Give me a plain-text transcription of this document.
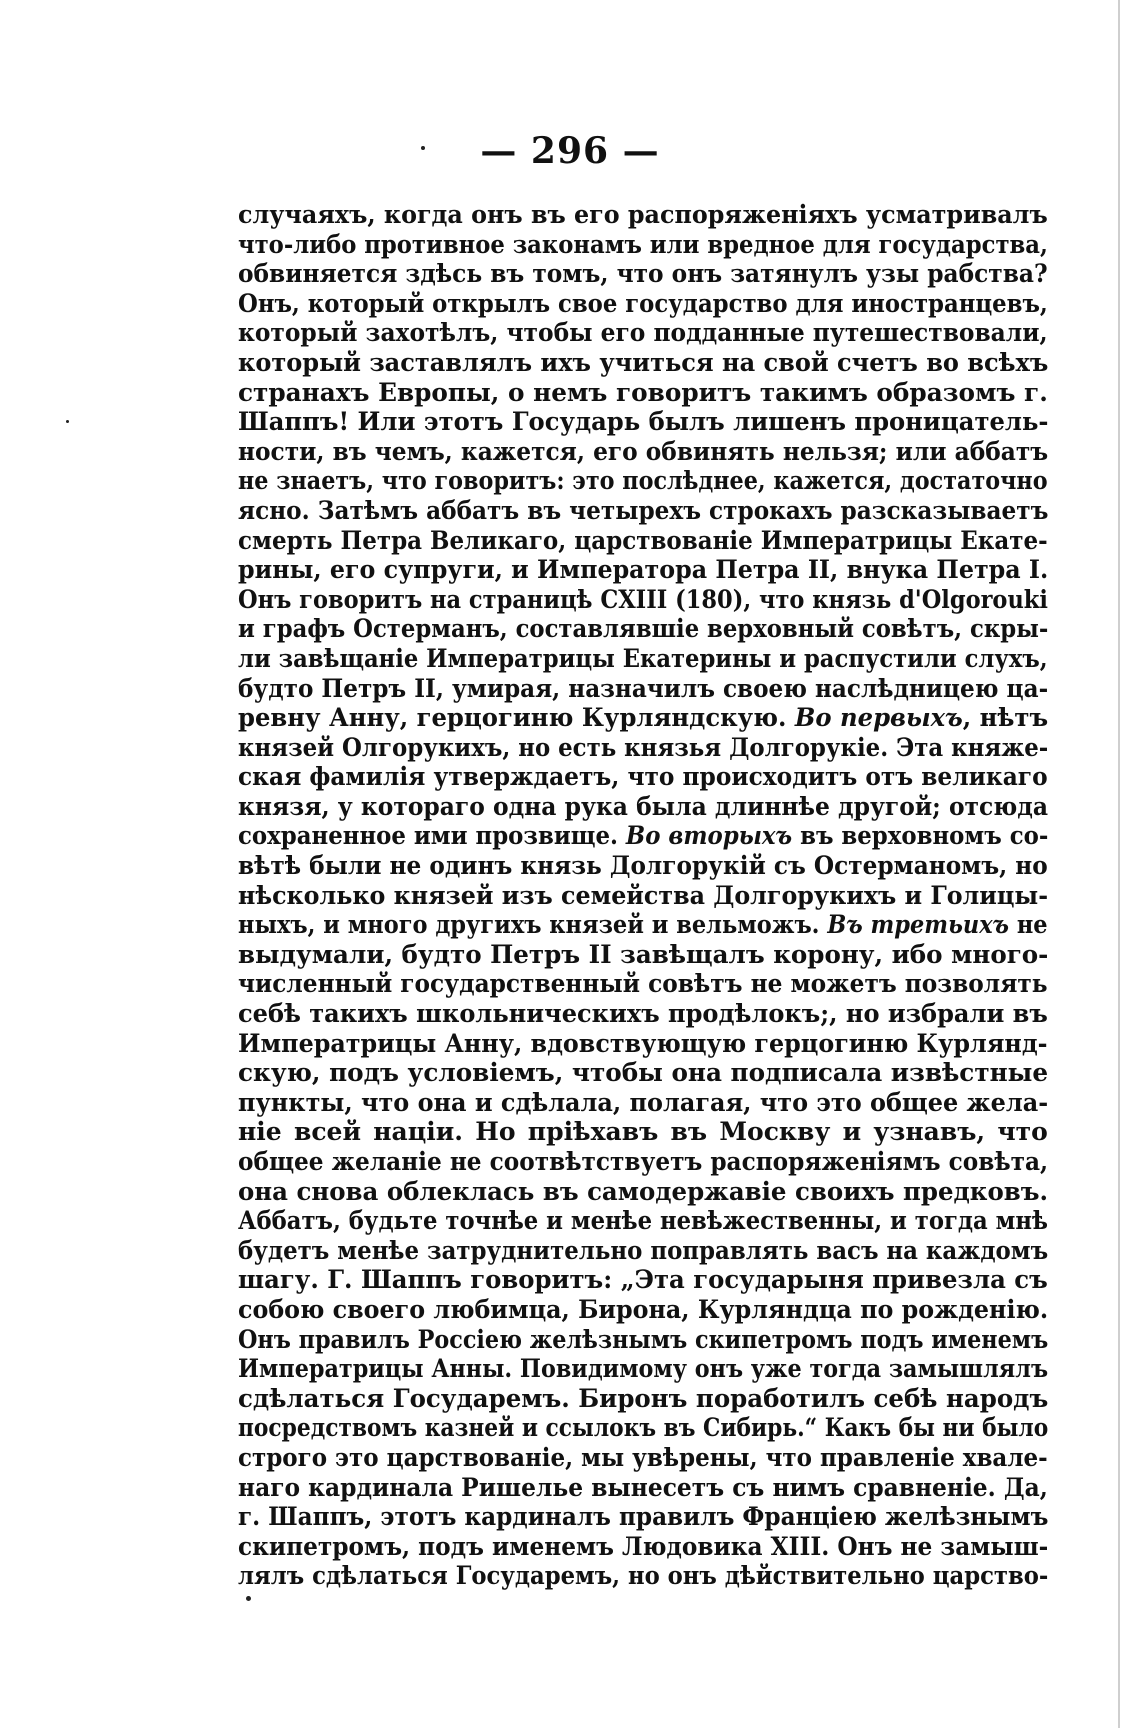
— 296 —
случаяхъ, когда онъ въ его распоряженіяхъ усматривалъ
что-либо противное законамъ или вредное для государства,
обвиняется здѣсь въ томъ, что онъ затянулъ узы рабства?
Онъ, который открылъ свое государство для иностранцевъ,
который захотѣлъ, чтобы его подданные путешествовали,
который заставлялъ ихъ учиться на свой счетъ во всѣхъ
странахъ Европы, о немъ говоритъ такимъ образомъ г.
Шаппъ! Или этотъ Государь былъ лишенъ проницатель-
ности, въ чемъ, кажется, его обвинять нельзя; или аббатъ
не знаетъ, что говоритъ: это послѣднее, кажется, достаточно
ясно. Затѣмъ аббатъ въ четырехъ строкахъ разсказываетъ
смерть Петра Великаго, царствованіе Императрицы Екате-
рины, его супруги, и Императора Петра II, внука Петра I.
Онъ говоритъ на страницѣ CXIII (180), что князь d'Olgorouki
и графъ Остерманъ, составлявшіе верховный совѣтъ, скры-
ли завѣщаніе Императрицы Екатерины и распустили слухъ,
будто Петръ II, умирая, назначилъ своею наслѣдницею ца-
ревну Анну, герцогиню Курляндскую. Во первыхъ, нѣтъ
князей Олгорукихъ, но есть князья Долгорукіе. Эта княже-
ская фамилія утверждаетъ, что происходитъ отъ великаго
князя, у котораго одна рука была длиннѣе другой; отсюда
сохраненное ими прозвище. Во вторыхъ въ верховномъ со-
вѣтѣ были не одинъ князь Долгорукій съ Остерманомъ, но
нѣсколько князей изъ семейства Долгорукихъ и Голицы-
ныхъ, и много другихъ князей и вельможъ. Въ третьихъ не
выдумали, будто Петръ II завѣщалъ корону, ибо много-
численный государственный совѣтъ не можетъ позволять
себѣ такихъ школьническихъ продѣлокъ;, но избрали въ
Императрицы Анну, вдовствующую герцогиню Курлянд-
скую, подъ условіемъ, чтобы она подписала извѣстные
пункты, что она и сдѣлала, полагая, что это общее жела-
ніе всей націи. Но пріѣхавъ въ Москву и узнавъ, что
общее желаніе не соотвѣтствуетъ распоряженіямъ совѣта,
она снова облеклась въ самодержавіе своихъ предковъ.
Аббатъ, будьте точнѣе и менѣе невѣжественны, и тогда мнѣ
будетъ менѣе затруднительно поправлять васъ на каждомъ
шагу. Г. Шаппъ говоритъ: „Эта государыня привезла съ
собою своего любимца, Бирона, Курляндца по рожденію.
Онъ правилъ Россіею желѣзнымъ скипетромъ подъ именемъ
Императрицы Анны. Повидимому онъ уже тогда замышлялъ
сдѣлаться Государемъ. Биронъ поработилъ себѣ народъ
посредствомъ казней и ссылокъ въ Сибирь.“ Какъ бы ни было
строго это царствованіе, мы увѣрены, что правленіе хвале-
наго кардинала Ришелье вынесетъ съ нимъ сравненіе. Да,
г. Шаппъ, этотъ кардиналъ правилъ Франціею желѣзнымъ
скипетромъ, подъ именемъ Людовика XIII. Онъ не замыш-
лялъ сдѣлаться Государемъ, но онъ дѣйствительно царство-
